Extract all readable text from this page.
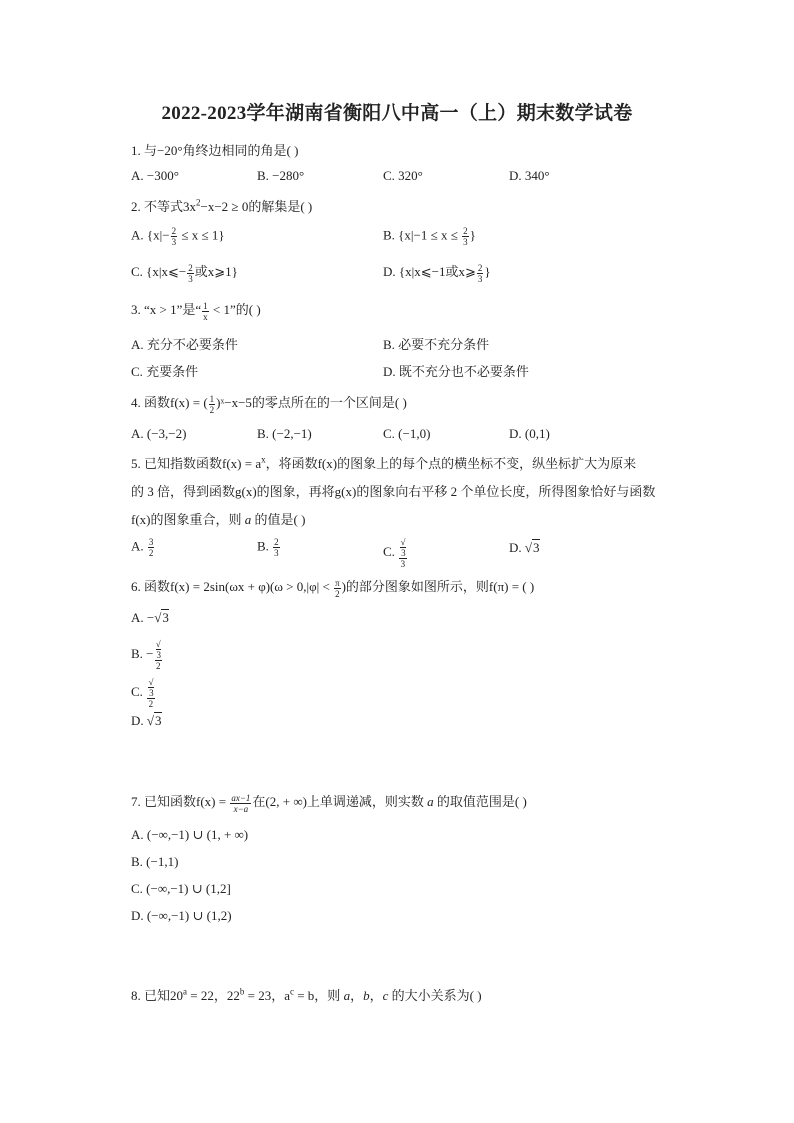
2022-2023学年湖南省衡阳八中高一（上）期末数学试卷
1. 与−20°角终边相同的角是( )
A. −300°	B. −280°	C. 320°	D. 340°
2. 不等式$3x^2-x-2 \ge 0$的解集是( )
A. $\{x|- \frac{2}{3} \le x \le 1\}$	B. {$x|-1 \le x \le \frac{2}{3}$ }
C. {x|x⩽− $\frac{2}{3}$ 或x⩾1}	D. {x|x⩽−1或x⩾ $\frac{2}{3}$ }
3. “x > 1”是“ $\frac{1}{x} < 1$”的( )
A. 充分不必要条件	B. 必要不充分条件
C. 充要条件	D. 既不充分也不必要条件
4. 函数f(x) = ( $\frac{1}{2}$ )ˣ−x−5的零点所在的一个区间是( )
A. (−3,−2)	B. (−2,−1)	C. (−1,0)	D. (0,1)
5. 已知指数函数$f(x) = a^x$，将函数f(x)的图象上的每个点的横坐标不变，纵坐标扩大为原来
的 3 倍，得到函数g(x)的图象，再将g(x)的图象向右平移 2 个单位长度，所得图象恰好与函数
f(x)的图象重合，则 a 的值是( )
A. $\frac{3}{2}$	B. $\frac{2}{3}$	C. √
3
3	D. √3
6. 函数$f(x) = 2\sin(\omega x + \varphi)(\omega > 0,|\varphi| < \frac{\pi}{2}$ )的部分图象如图所示，则f(π) = ( )
A. −√3
B. − √
3
2
C. √
3
2
D. √3
7. 已知函数$f(x) = \frac{ax-1}{x-a}$ 在(2, + ∞)上单调递减，则实数 a 的取值范围是( )
A. (−∞,−1) ∪ (1, + ∞)
B. (−1,1)
C. (−∞,−1) ∪ (1,2]
D. (−∞,−1) ∪ (1,2)
8. 已知$20^a = 22$，$22^b = 23$，$a^c = b$，则 a，b，c 的大小关系为( )
